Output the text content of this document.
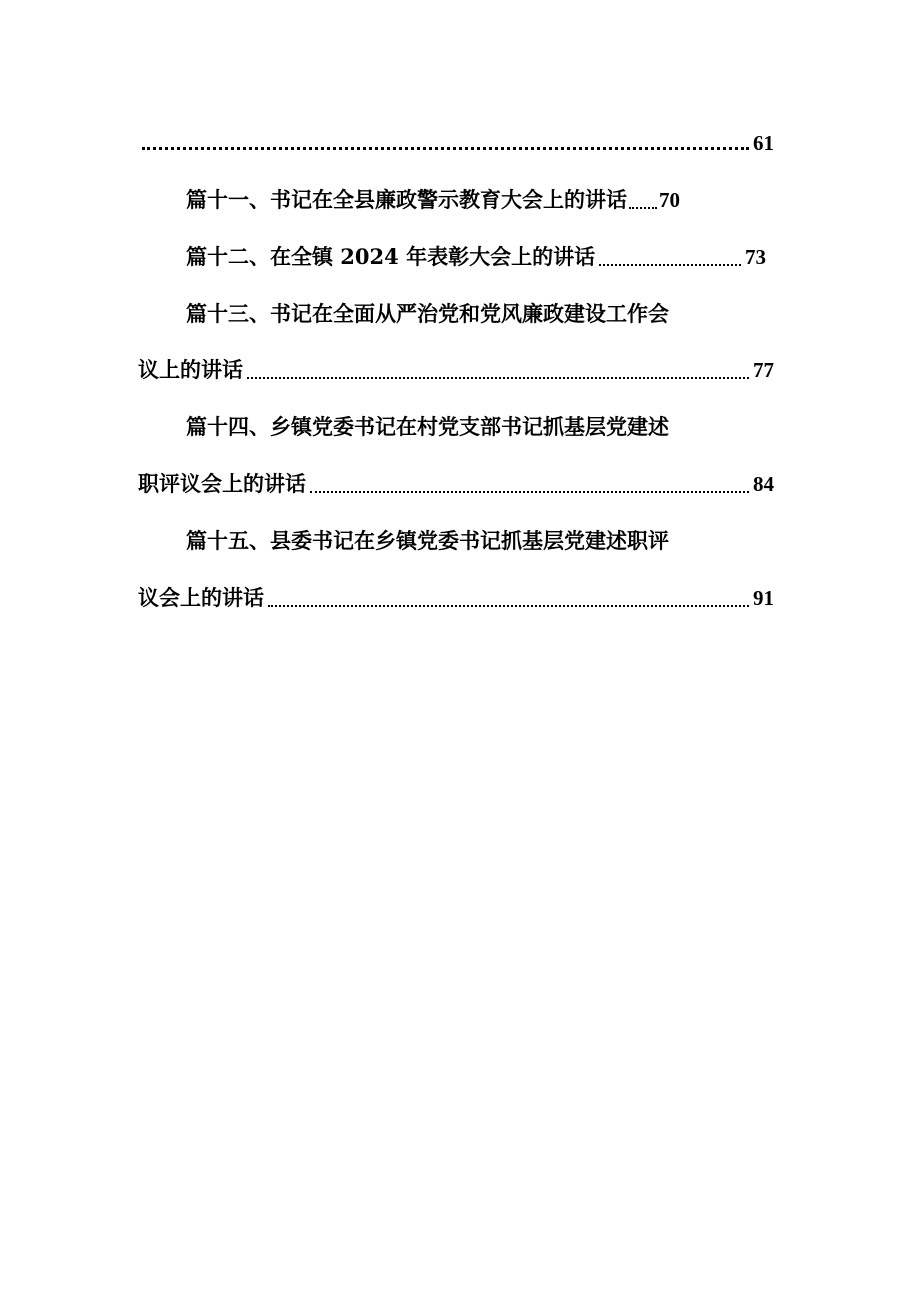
61
篇十一、书记在全县廉政警示教育大会上的讲话 70
篇十二、在全镇 2024 年表彰大会上的讲话	73
篇十三、书记在全面从严治党和党风廉政建设工作会
议上的讲话	77
篇十四、乡镇党委书记在村党支部书记抓基层党建述
职评议会上的讲话	84
篇十五、县委书记在乡镇党委书记抓基层党建述职评
议会上的讲话	91
